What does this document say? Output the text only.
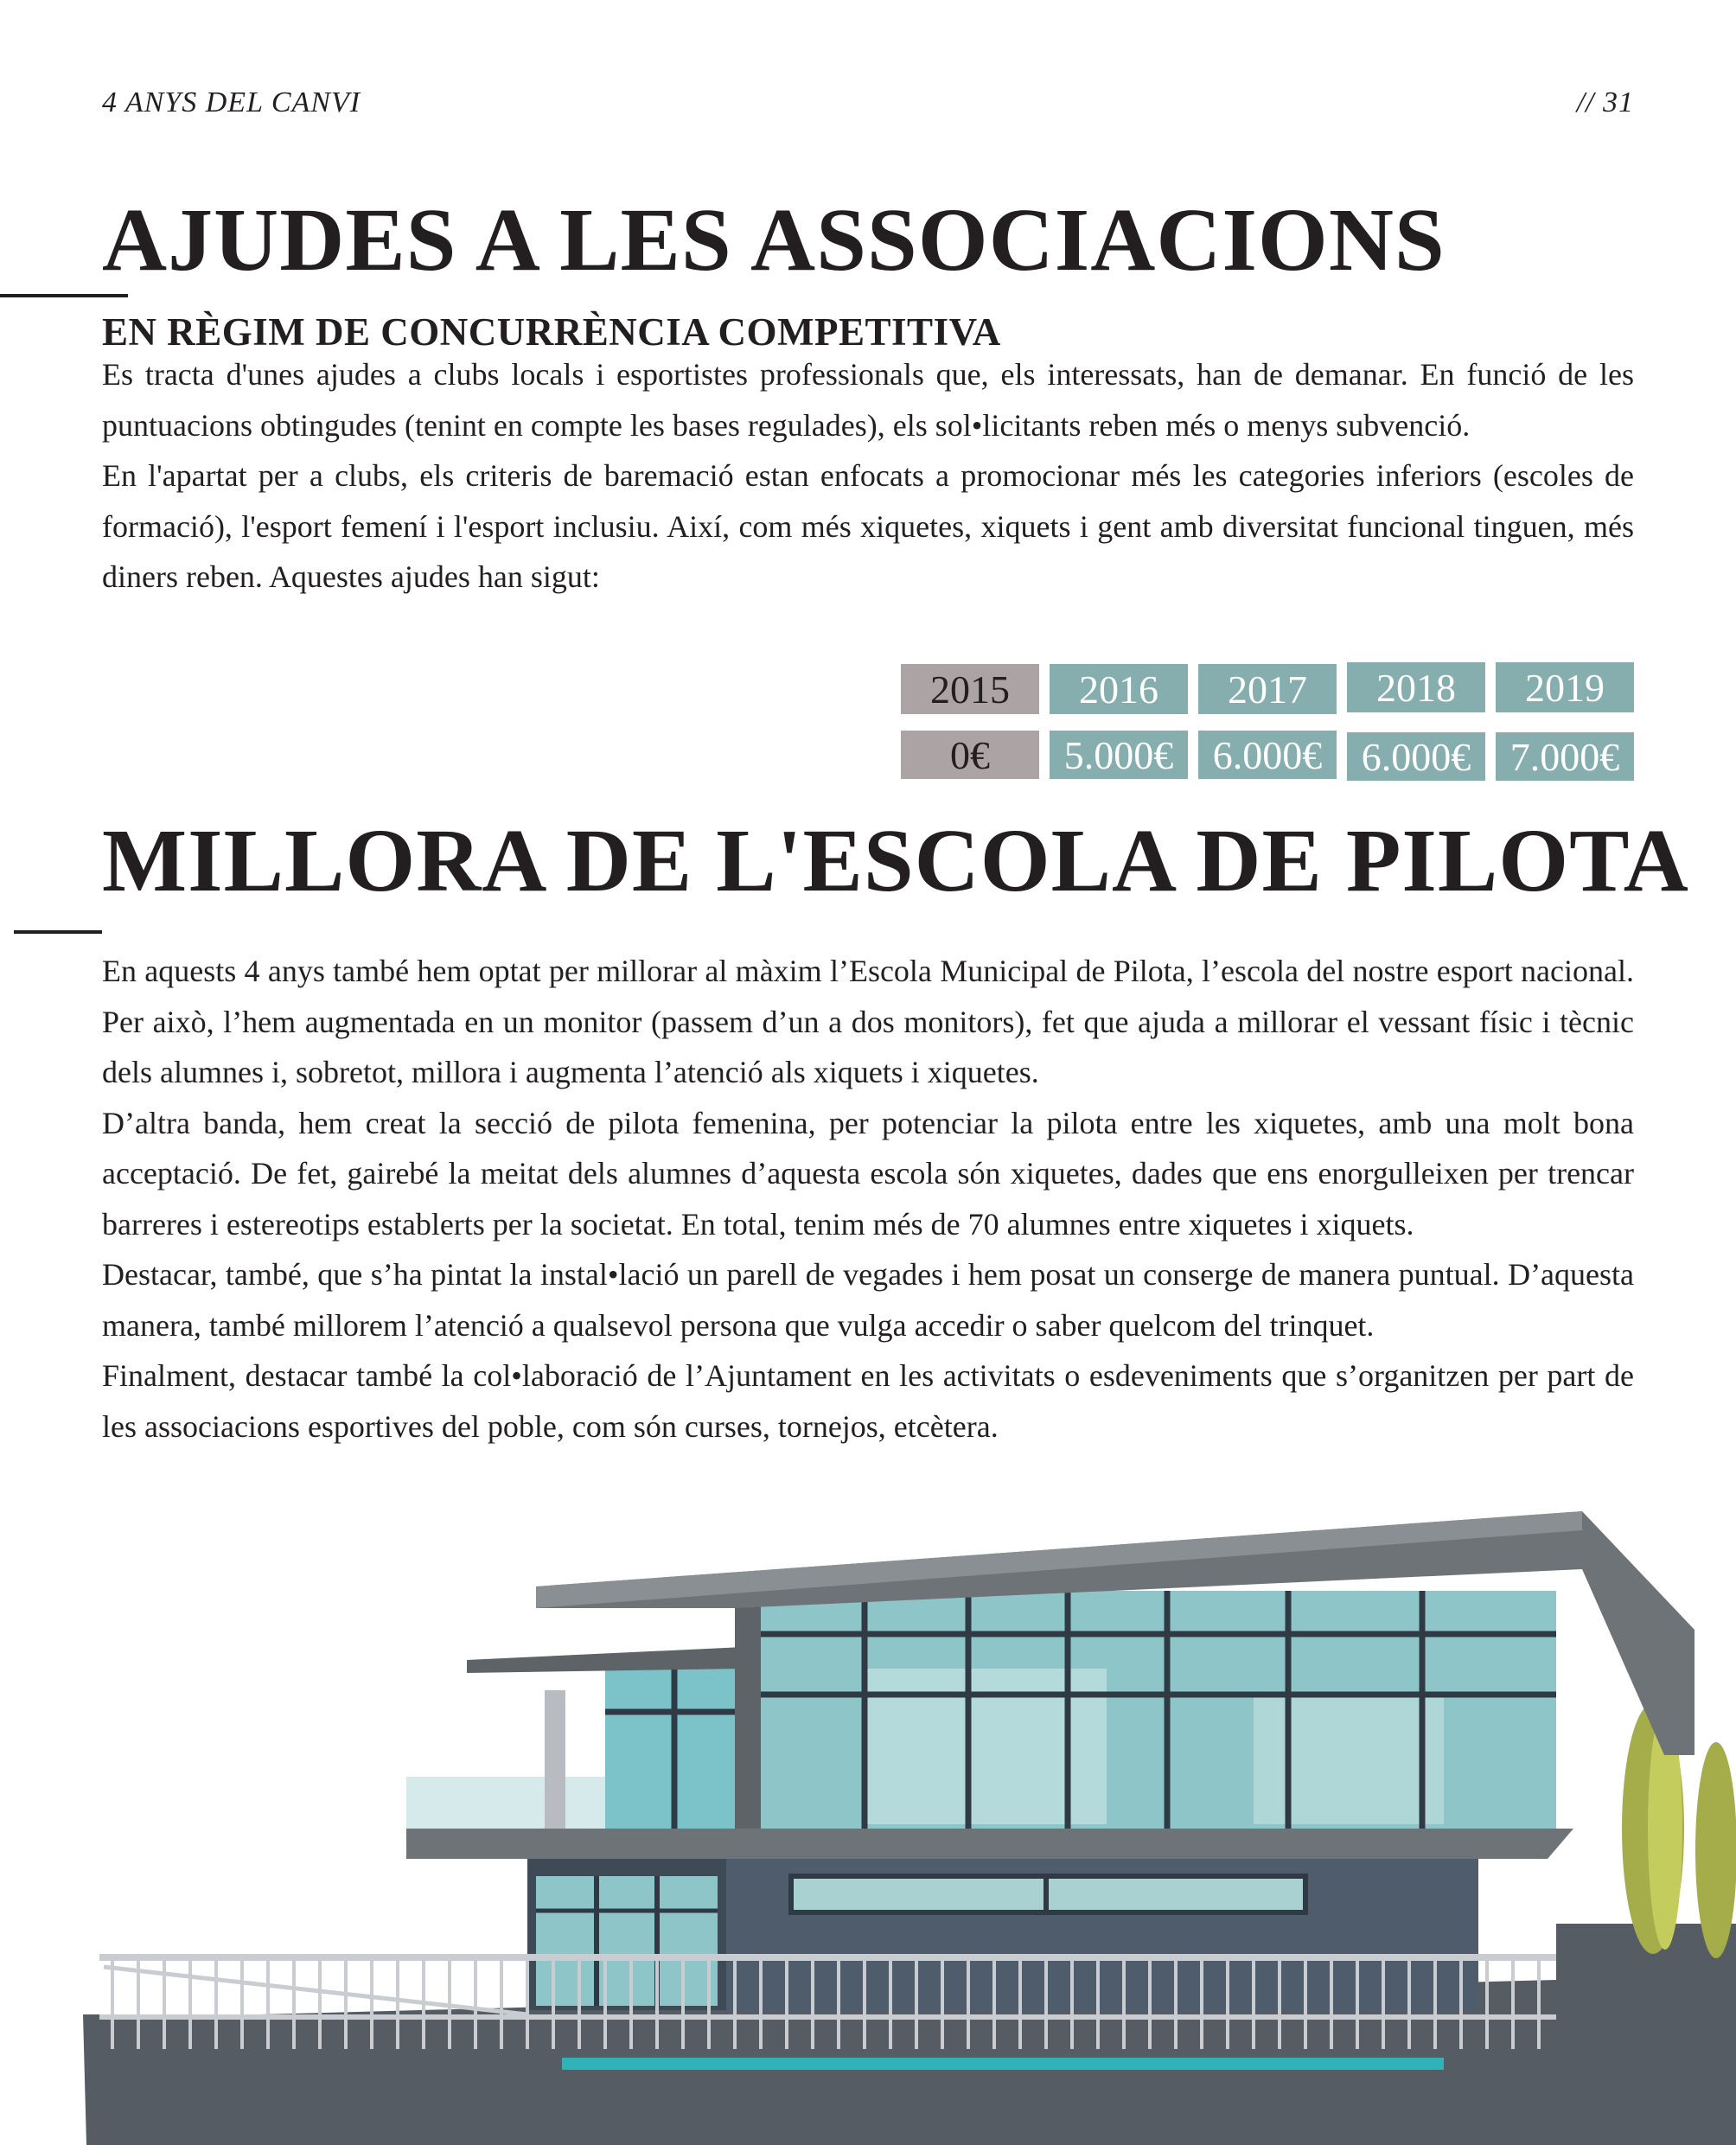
4 ANYS DEL CANVI	// 31
AJUDES A LES ASSOCIACIONS
EN RÈGIM DE CONCURRÈNCIA COMPETITIVA

Es tracta d'unes ajudes a clubs locals i esportistes professionals que, els interessats, han de demanar. En funció de les puntuacions obtingudes (tenint en compte les bases regulades), els sol•licitants reben més o menys subvenció.

En l'apartat per a clubs, els criteris de baremació estan enfocats a promocionar més les categories inferiors (escoles de formació), l'esport femení i l'esport inclusiu. Així, com més xiquetes, xiquets i gent amb diversitat funcional tinguen, més diners reben. Aquestes ajudes han sigut:

2015	2016	2017	2018	2019
0€	5.000€ 6.000€ 6.000€ 7.000€
MILLORA DE L'ESCOLA DE PILOTA

En aquests 4 anys també hem optat per millorar al màxim l’Escola Municipal de Pilota, l’escola del nostre esport nacional. Per això, l’hem augmentada en un monitor (passem d’un a dos monitors), fet que ajuda a millorar el vessant físic i tècnic dels alumnes i, sobretot, millora i augmenta l’atenció als xiquets i xiquetes.

D’altra banda, hem creat la secció de pilota femenina, per potenciar la pilota entre les xiquetes, amb una molt bona acceptació. De fet, gairebé la meitat dels alumnes d’aquesta escola són xiquetes, dades que ens enorgulleixen per trencar barreres i estereotips establerts per la societat. En total, tenim més de 70 alumnes entre xiquetes i xiquets.

Destacar, també, que s’ha pintat la instal•lació un parell de vegades i hem posat un conserge de manera puntual. D’aquesta manera, també millorem l’atenció a qualsevol persona que vulga accedir o saber quelcom del trinquet.

Finalment, destacar també la col•laboració de l’Ajuntament en les activitats o esdeveniments que s’organitzen per part de les associacions esportives del poble, com són curses, tornejos, etcètera.
